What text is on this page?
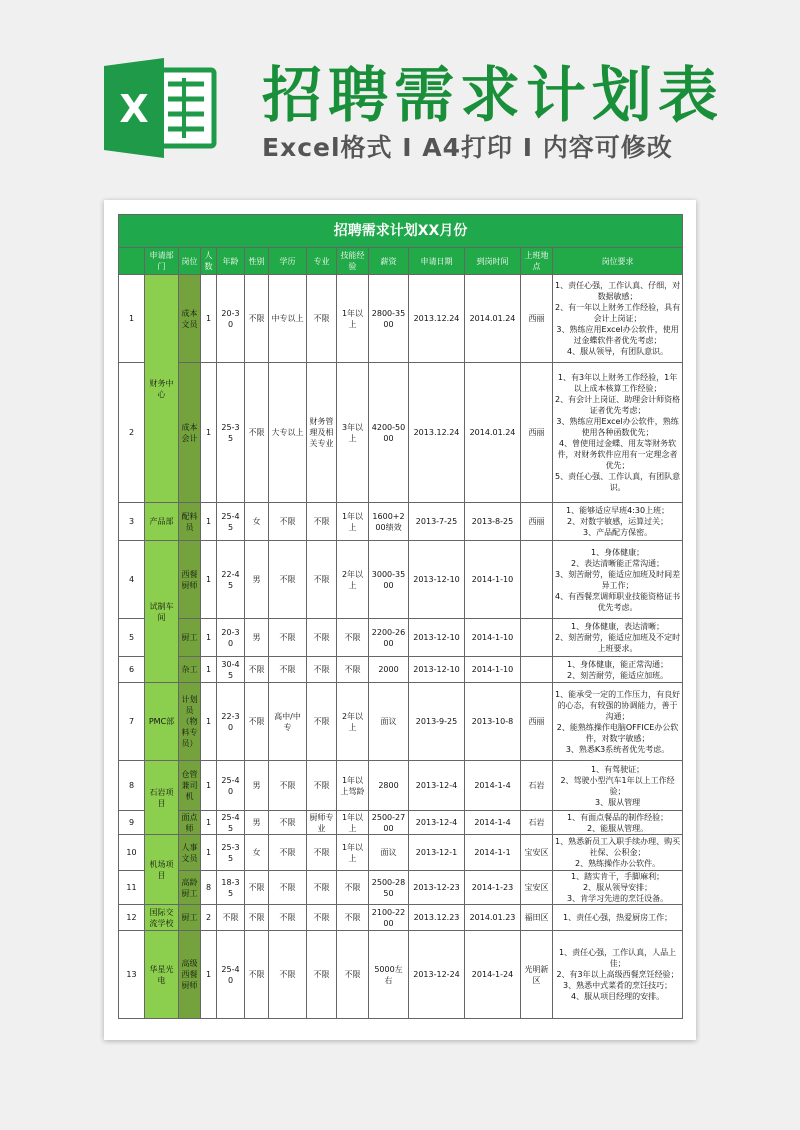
X 招聘需求计划表
Excel格式 I A4打印 I 内容可修改
招聘需求计划XX月份													
	申请部门	岗位	人数	年龄	性别	学历	专业	技能经验	薪资	申请日期	到岗时间	上班地点	岗位要求
1	财务中心	成本文员	1	20-30	不限	中专以上	不限	1年以上	2800-3500	2013.12.24	2014.01.24	西丽	1、责任心强，工作认真、仔细，对数据敏感；
2、有一年以上财务工作经验，具有会计上岗证；
3、熟练应用Excel办公软件，使用过金蝶软件者优先考虑；
4、服从领导，有团队意识。

2		成本会计	1	25-35	不限	大专以上	财务管理及相关专业	3年以上	4200-5000	2013.12.24	2014.01.24	西丽	1、有3年以上财务工作经验，1年以上成本核算工作经验；
2、有会计上岗证、助理会计师资格证者优先考虑；
3、熟练应用Excel办公软件，熟练使用各种函数优先；
4、曾使用过金蝶、用友等财务软件，对财务软件应用有一定理念者优先；
5、责任心强、工作认真，有团队意识。

3	产品部	配料员	1	25-45	女	不限	不限	1年以上	1600+200绩效	2013-7-25	2013-8-25	西丽	1、能够适应早班4:30上班；
2、对数字敏感，运算过关；
3、产品配方保密。

4	试制车间	西餐厨师	1	22-45	男	不限	不限	2年以上	3000-3500	2013-12-10	2014-1-10		1、身体健康；
2、表达清晰能正常沟通；
3、刻苦耐劳，能适应加班及时间差异工作；
4、有西餐烹调师职业技能资格证书优先考虑。

5		厨工	1	20-30	男	不限	不限	不限	2200-2600	2013-12-10	2014-1-10		1、身体健康，表达清晰；
2、刻苦耐劳，能适应加班及不定时上班要求。

6		杂工	1	30-45	不限	不限	不限	不限	2000	2013-12-10	2014-1-10		1、身体健康，能正常沟通；
2、刻苦耐劳，能适应加班。

7	PMC部	计划员（物料专员）	1	22-30	不限	高中/中专	不限	2年以上	面议	2013-9-25	2013-10-8	西丽	1、能承受一定的工作压力，有良好的心态，有较强的协调能力，善于沟通；
2、能熟练操作电脑OFFICE办公软件，对数字敏感；
3、熟悉K3系统者优先考虑。

8	石岩项目	仓管兼司机	1	25-40	男	不限	不限	1年以上驾龄	2800	2013-12-4	2014-1-4	石岩	1、有驾驶证；
2、驾驶小型汽车1年以上工作经验；
3、服从管理

9		面点师	1	25-45	男	不限	厨师专业	1年以上	2500-2700	2013-12-4	2014-1-4	石岩	1、有面点餐品的制作经验；
2、能服从管理。

10	机场项目	人事文员	1	25-35	女	不限	不限	1年以上	面议	2013-12-1	2014-1-1	宝安区	1、熟悉新员工入职手续办理、购买社保、公积金；
2、熟练操作办公软件。

11		高龄厨工	8	18-35	不限	不限	不限	不限	2500-2850	2013-12-23	2014-1-23	宝安区	1、踏实肯干，手脚麻利；
2、服从领导安排；
3、肯学习先进的烹饪设备。

12	国际交流学校	厨工	2	不限	不限	不限	不限	不限	2100-2200	2013.12.23	2014.01.23	福田区	1、责任心强，热爱厨房工作；

13	华星光电	高级西餐厨师	1	25-40	不限	不限	不限	不限	5000左右	2013-12-24	2014-1-24	光明新区	1、责任心强，工作认真，人品上佳；
2、有3年以上高级西餐烹饪经验；
3、熟悉中式菜肴的烹饪技巧；
4、服从项目经理的安排。
